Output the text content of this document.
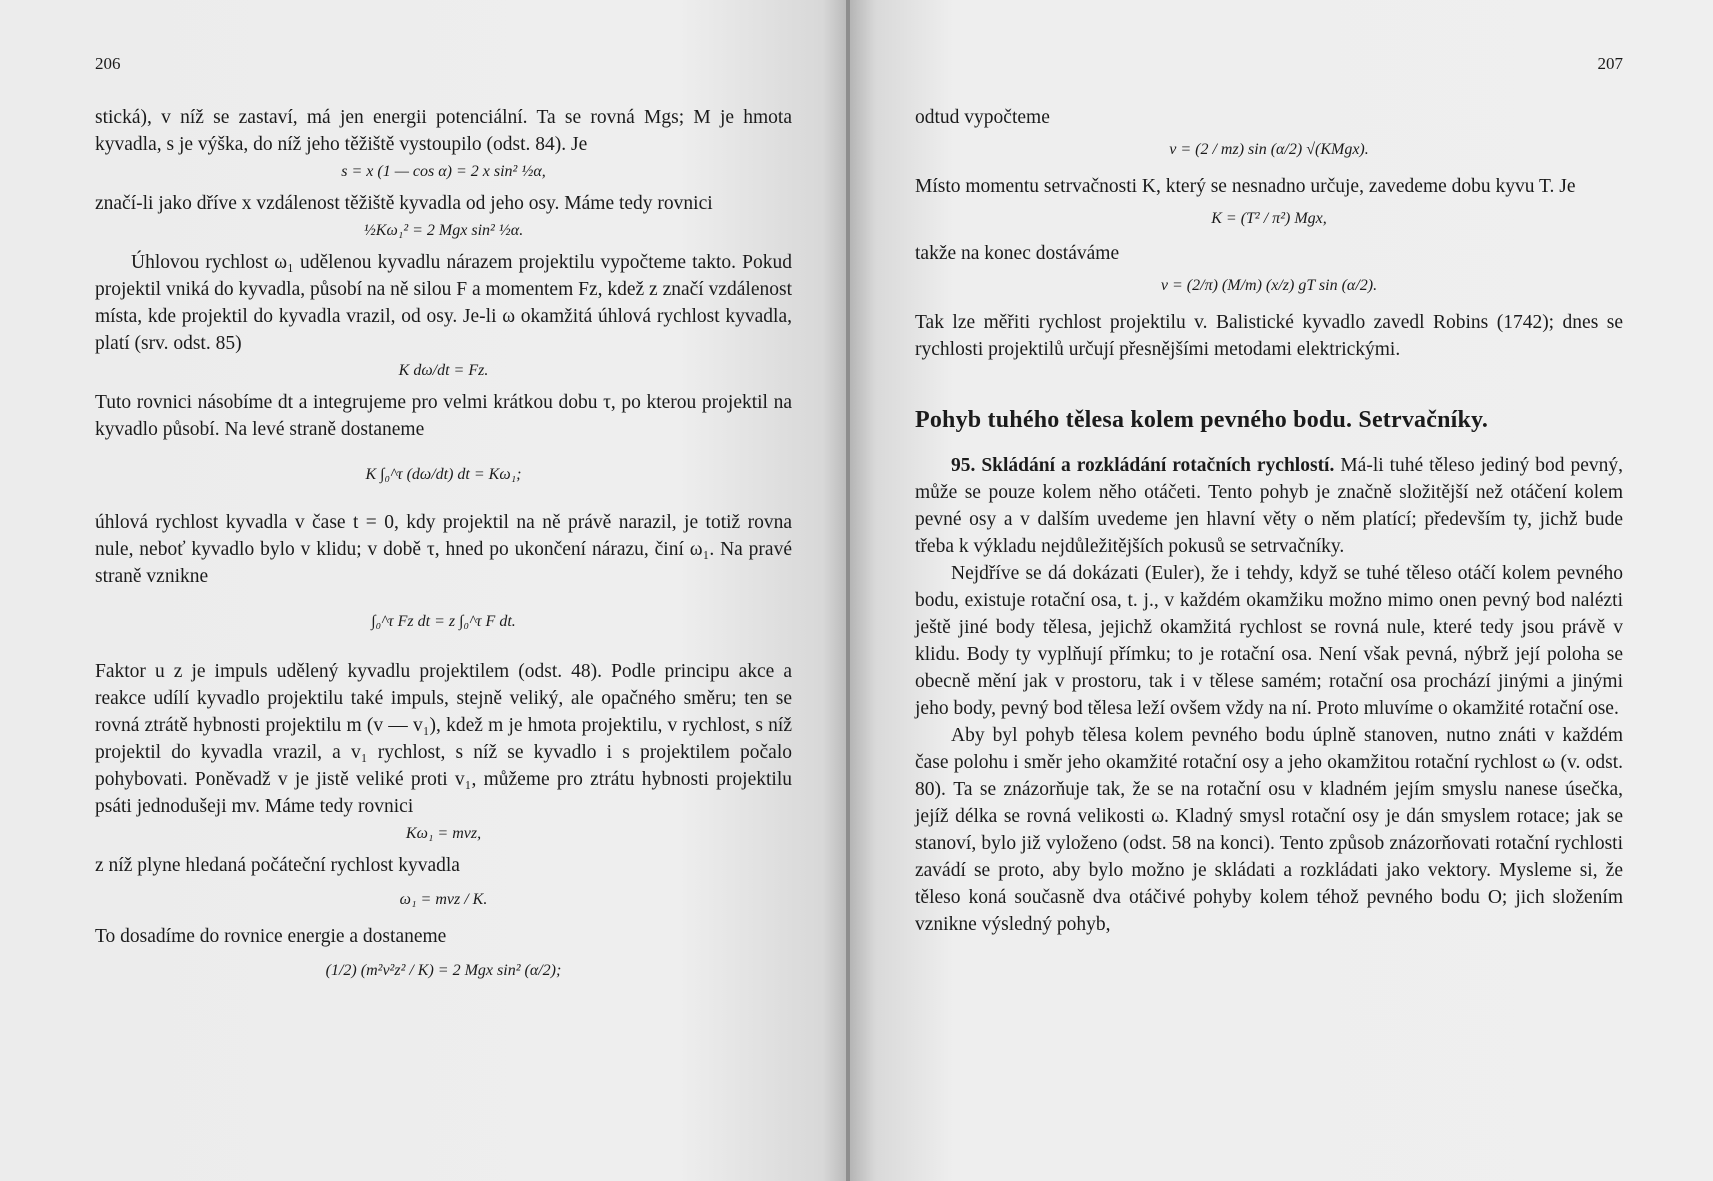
206

stická), v níž se zastaví, má jen energii potenciální. Ta se rovná Mgs; M je hmota kyvadla, s je výška, do níž jeho těžiště vystoupilo (odst. 84). Je

s = x (1 — cos α) = 2 x sin² ½α,

značí-li jako dříve x vzdálenost těžiště kyvadla od jeho osy. Máme tedy rovnici

½Kω₁² = 2 Mgx sin² ½α.

Úhlovou rychlost ω₁ udělenou kyvadlu nárazem projektilu vypočteme takto. Pokud projektil vniká do kyvadla, působí na ně silou F a momentem Fz, kdež z značí vzdálenost místa, kde projektil do kyvadla vrazil, od osy. Je-li ω okamžitá úhlová rychlost kyvadla, platí (srv. odst. 85)

K dω/dt = Fz.

Tuto rovnici násobíme dt a integrujeme pro velmi krátkou dobu τ, po kterou projektil na kyvadlo působí. Na levé straně dostaneme

K ∫₀^τ (dω/dt) dt = Kω₁;

úhlová rychlost kyvadla v čase t = 0, kdy projektil na ně právě narazil, je totiž rovna nule, neboť kyvadlo bylo v klidu; v době τ, hned po ukončení nárazu, činí ω₁. Na pravé straně vznikne

∫₀^τ Fz dt = z ∫₀^τ F dt.

Faktor u z je impuls udělený kyvadlu projektilem (odst. 48). Podle principu akce a reakce udílí kyvadlo projektilu také impuls, stejně veliký, ale opačného směru; ten se rovná ztrátě hybnosti projektilu m (v — v₁), kdež m je hmota projektilu, v rychlost, s níž projektil do kyvadla vrazil, a v₁ rychlost, s níž se kyvadlo i s projektilem počalo pohybovati. Poněvadž v je jistě veliké proti v₁, můžeme pro ztrátu hybnosti projektilu psáti jednodušeji mv. Máme tedy rovnici

Kω₁ = mvz,

z níž plyne hledaná počáteční rychlost kyvadla

ω₁ = mvz / K.

To dosadíme do rovnice energie a dostaneme

(1/2) (m²v²z² / K) = 2 Mgx sin² (α/2);
207

odtud vypočteme

v = (2 / mz) sin (α/2) √(KMgx).

Místo momentu setrvačnosti K, který se nesnadno určuje, zavedeme dobu kyvu T. Je

K = (T² / π²) Mgx,

takže na konec dostáváme

v = (2/π) (M/m) (x/z) gT sin (α/2).

Tak lze měřiti rychlost projektilu v. Balistické kyvadlo zavedl Robins (1742); dnes se rychlosti projektilů určují přesnějšími metodami elektrickými.

Pohyb tuhého tělesa kolem pevného bodu. Setrvačníky.

95. Skládání a rozkládání rotačních rychlostí. Má-li tuhé těleso jediný bod pevný, může se pouze kolem něho otáčeti. Tento pohyb je značně složitější než otáčení kolem pevné osy a v dalším uvedeme jen hlavní věty o něm platící; především ty, jichž bude třeba k výkladu nejdůležitějších pokusů se setrvačníky.

Nejdříve se dá dokázati (Euler), že i tehdy, když se tuhé těleso otáčí kolem pevného bodu, existuje rotační osa, t. j., v každém okamžiku možno mimo onen pevný bod nalézti ještě jiné body tělesa, jejichž okamžitá rychlost se rovná nule, které tedy jsou právě v klidu. Body ty vyplňují přímku; to je rotační osa. Není však pevná, nýbrž její poloha se obecně mění jak v prostoru, tak i v tělese samém; rotační osa prochází jinými a jinými jeho body, pevný bod tělesa leží ovšem vždy na ní. Proto mluvíme o okamžité rotační ose.

Aby byl pohyb tělesa kolem pevného bodu úplně stanoven, nutno znáti v každém čase polohu i směr jeho okamžité rotační osy a jeho okamžitou rotační rychlost ω (v. odst. 80). Ta se znázorňuje tak, že se na rotační osu v kladném jejím smyslu nanese úsečka, jejíž délka se rovná velikosti ω. Kladný smysl rotační osy je dán smyslem rotace; jak se stanoví, bylo již vyloženo (odst. 58 na konci). Tento způsob znázorňovati rotační rychlosti zavádí se proto, aby bylo možno je skládati a rozkládati jako vektory. Mysleme si, že těleso koná současně dva otáčivé pohyby kolem téhož pevného bodu O; jich složením vznikne výsledný pohyb,
